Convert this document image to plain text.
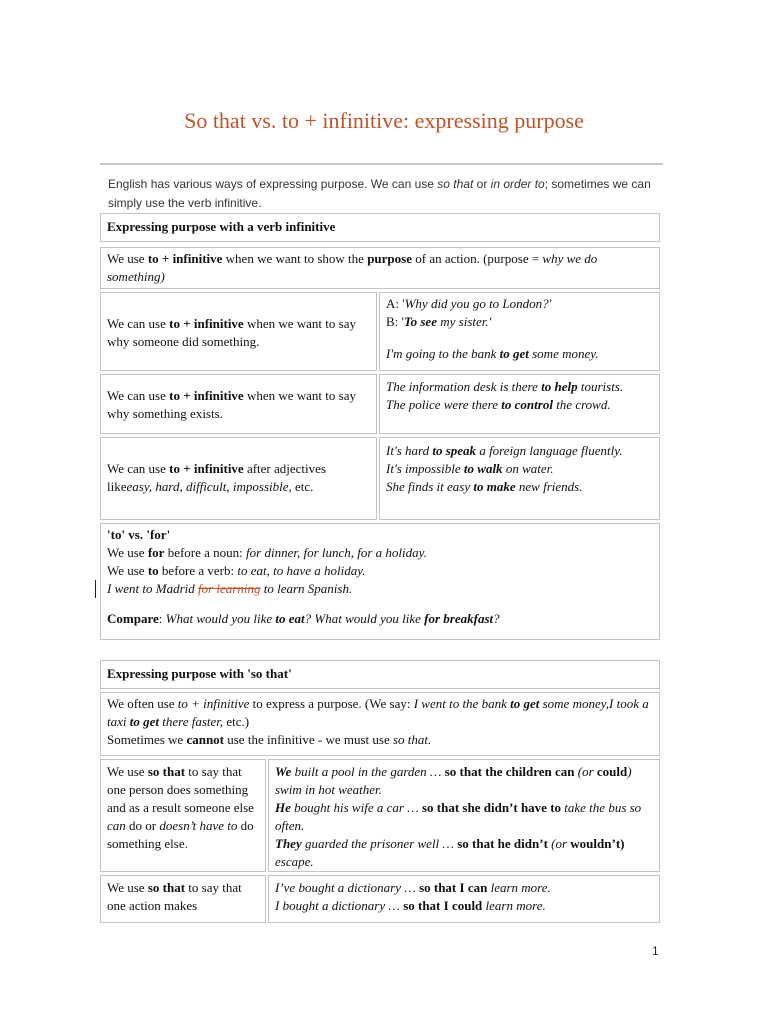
So that vs. to + infinitive: expressing purpose
English has various ways of expressing purpose. We can use so that or in order to; sometimes we can simply use the verb infinitive.
Expressing purpose with a verb infinitive
We use to + infinitive when we want to show the purpose of an action. (purpose = why we do something)
We can use to + infinitive when we want to say why someone did something.
A: 'Why did you go to London?'
B: 'To see my sister.'
I'm going to the bank to get some money.
We can use to + infinitive when we want to say why something exists.
The information desk is there to help tourists.
The police were there to control the crowd.
We can use to + infinitive after adjectives likeeasy, hard, difficult, impossible, etc.
It's hard to speak a foreign language fluently.
It's impossible to walk on water.
She finds it easy to make new friends.
'to' vs. 'for'
We use for before a noun: for dinner, for lunch, for a holiday.
We use to before a verb: to eat, to have a holiday.
I went to Madrid for learning to learn Spanish.
Compare: What would you like to eat? What would you like for breakfast?
Expressing purpose with 'so that'
We often use to + infinitive to express a purpose. (We say: I went to the bank to get some money,I took a taxi to get there faster, etc.)
Sometimes we cannot use the infinitive - we must use so that.
We use so that to say that one person does something and as a result someone else can do or doesn’t have to do something else.
We built a pool in the garden … so that the children can (or could) swim in hot weather.
He bought his wife a car … so that she didn’t have to take the bus so often.
They guarded the prisoner well … so that he didn’t (or wouldn’t) escape.
We use so that to say that one action makes
I’ve bought a dictionary … so that I can learn more.
I bought a dictionary … so that I could learn more.
1
